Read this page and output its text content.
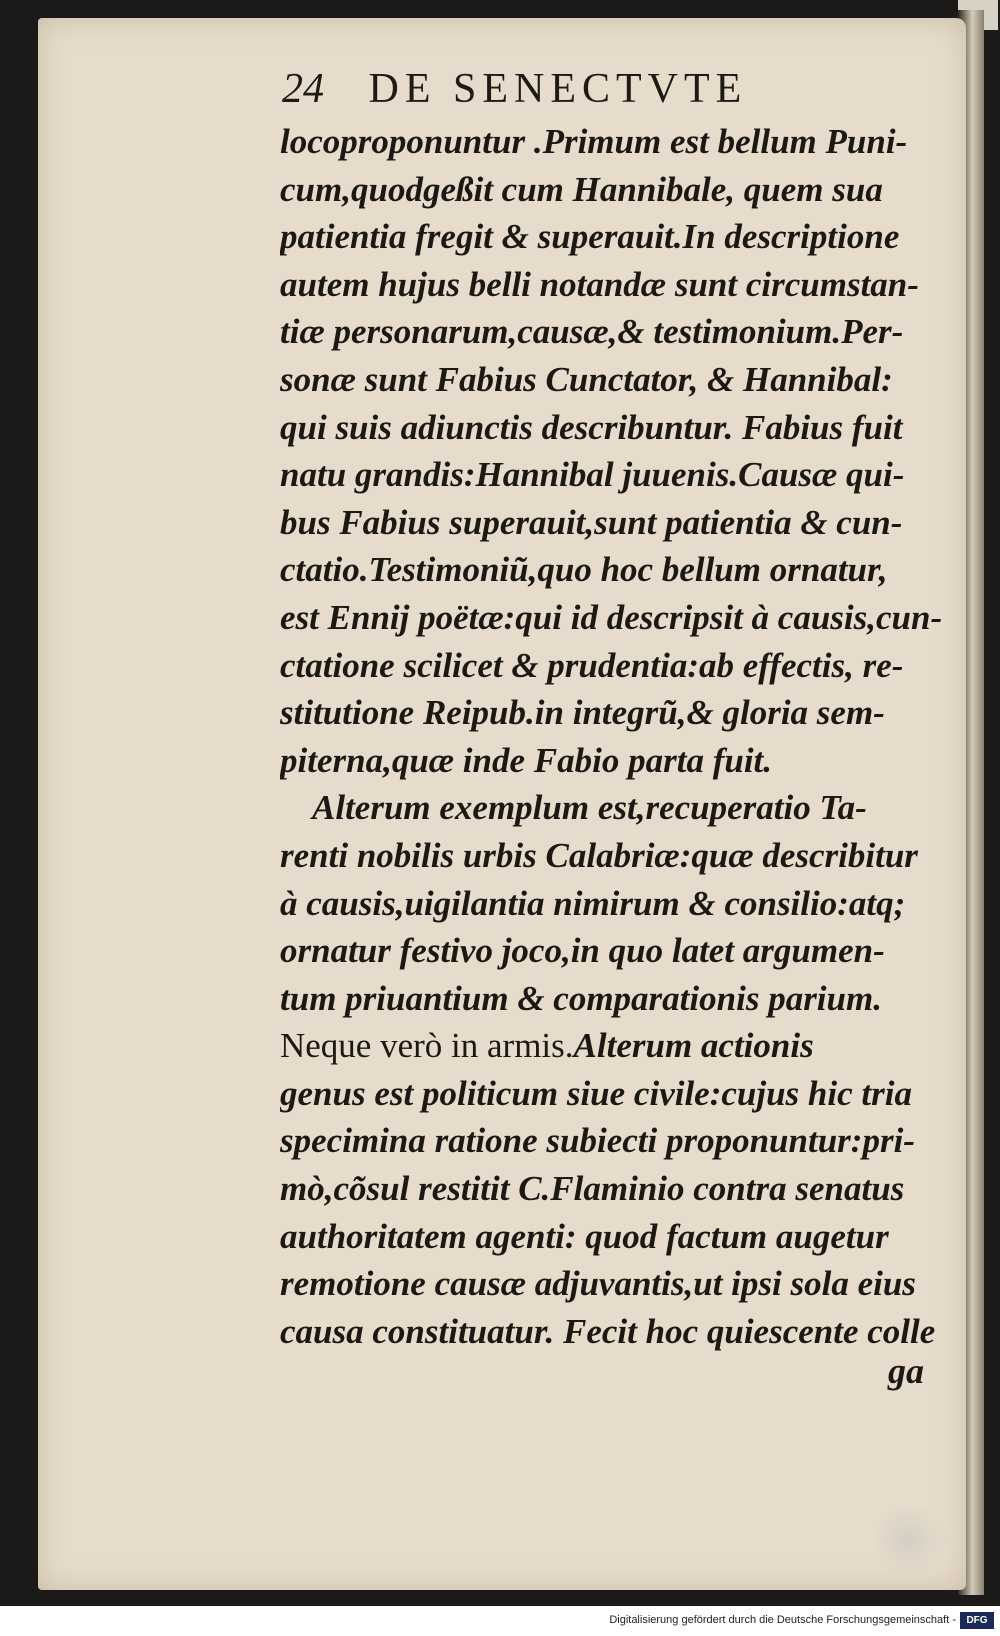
24 DE SENECTVTE
locoproponuntur .Primum est bellum Puni-
cum,quodgeßit cum Hannibale, quem sua
patientia fregit & superauit.In descriptione
autem hujus belli notandæ sunt circumstan-
tiæ personarum,causæ,& testimonium.Per-
sonæ sunt Fabius Cunctator, & Hannibal:
qui suis adiunctis describuntur. Fabius fuit
natu grandis:Hannibal juuenis.Causæ qui-
bus Fabius superauit,sunt patientia & cun-
ctatio.Testimoniũ,quo hoc bellum ornatur,
est Ennij poëtæ:qui id descripsit à causis,cun-
ctatione scilicet & prudentia:ab effectis, re-
stitutione Reipub.in integrũ,& gloria sem-
piterna,quæ inde Fabio parta fuit.
Alterum exemplum est,recuperatio Ta-
renti nobilis urbis Calabriæ:quæ describitur
à causis,uigilantia nimirum & consilio:atq;
ornatur festivo joco,in quo latet argumen-
tum priuantium & comparationis parium.
Neque verò in armis.Alterum actionis
genus est politicum siue civile:cujus hic tria
specimina ratione subiecti proponuntur:pri-
mò,cõsul restitit C.Flaminio contra senatus
authoritatem agenti: quod factum augetur
remotione causæ adjuvantis,ut ipsi sola eius
causa constituatur. Fecit hoc quiescente colle
ga
Digitalisierung gefördert durch die Deutsche Forschungsgemeinschaft -	DFG
